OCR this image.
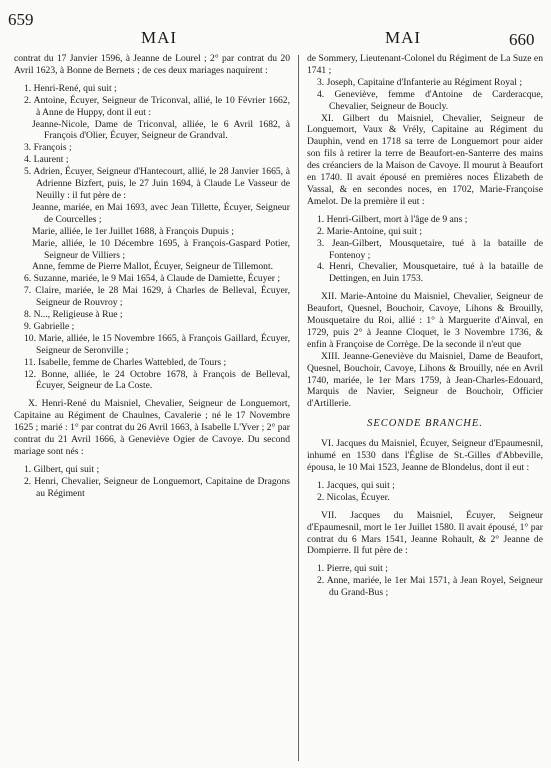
659
MAI	MAI	660

contrat du 17 Janvier 1596, à Jeanne de Lourel ; 2° par contrat du 20 Avril 1623, à Bonne de Bernets ; de ces deux mariages naquirent :

1. Henri-René, qui suit ;

2. Antoine, Écuyer, Seigneur de Triconval, allié, le 10 Février 1662, à Anne de Huppy, dont il eut :

Jeanne-Nicole, Dame de Triconval, alliée, le 6 Avril 1682, à François d'Olier, Écuyer, Seigneur de Grandval.

3. François ;

4. Laurent ;

5. Adrien, Écuyer, Seigneur d'Hantecourt, allié, le 28 Janvier 1665, à Adrienne Bizfert, puis, le 27 Juin 1694, à Claude Le Vasseur de Neuilly : il fut père de :

Jeanne, mariée, en Mai 1693, avec Jean Tillette, Écuyer, Seigneur de Courcelles ;

Marie, alliée, le 1er Juillet 1688, à François Dupuis ;

Marie, alliée, le 10 Décembre 1695, à François-Gaspard Potier, Seigneur de Villiers ;

Anne, femme de Pierre Mallot, Écuyer, Seigneur de Tillemont.

6. Suzanne, mariée, le 9 Mai 1654, à Claude de Damiette, Écuyer ;

7. Claire, mariée, le 28 Mai 1629, à Charles de Belleval, Écuyer, Seigneur de Rouvroy ;

8. N..., Religieuse à Rue ;

9. Gabrielle ;

10. Marie, alliée, le 15 Novembre 1665, à François Gaillard, Écuyer, Seigneur de Seronville ;

11. Isabelle, femme de Charles Wattebled, de Tours ;

12. Bonne, alliée, le 24 Octobre 1678, à François de Belleval, Écuyer, Seigneur de La Coste.

X. Henri-René du Maisniel, Chevalier, Seigneur de Longuemort, Capitaine au Régiment de Chaulnes, Cavalerie ; né le 17 Novembre 1625 ; marié : 1° par contrat du 26 Avril 1663, à Isabelle L'Yver ; 2° par contrat du 21 Avril 1666, à Geneviève Ogier de Cavoye. Du second mariage sont nés :

1. Gilbert, qui suit ;

2. Henri, Chevalier, Seigneur de Longuemort, Capitaine de Dragons au Régiment

de Sommery, Lieutenant-Colonel du Régiment de La Suze en 1741 ;

3. Joseph, Capitaine d'Infanterie au Régiment Royal ;

4. Geneviève, femme d'Antoine de Carderacque, Chevalier, Seigneur de Boucly.

XI. Gilbert du Maisniel, Chevalier, Seigneur de Longuemort, Vaux & Vrély, Capitaine au Régiment du Dauphin, vend en 1718 sa terre de Longuemort pour aider son fils à retirer la terre de Beaufort-en-Santerre des mains des créanciers de la Maison de Cavoye. Il mourut à Beaufort en 1740. Il avait épousé en premières noces Élizabeth de Vassal, & en secondes noces, en 1702, Marie-Françoise Amelot. De la première il eut :

1. Henri-Gilbert, mort à l'âge de 9 ans ;

2. Marie-Antoine, qui suit ;

3. Jean-Gilbert, Mousquetaire, tué à la bataille de Fontenoy ;

4. Henri, Chevalier, Mousquetaire, tué à la bataille de Dettingen, en Juin 1753.

XII. Marie-Antoine du Maisniel, Chevalier, Seigneur de Beaufort, Quesnel, Bouchoir, Cavoye, Lihons & Brouilly, Mousquetaire du Roi, allié : 1° à Marguerite d'Ainval, en 1729, puis 2° à Jeanne Cloquet, le 3 Novembre 1736, & enfin à Françoise de Corrège. De la seconde il n'eut que

XIII. Jeanne-Geneviève du Maisniel, Dame de Beaufort, Quesnel, Bouchoir, Cavoye, Lihons & Brouilly, née en Avril 1740, mariée, le 1er Mars 1759, à Jean-Charles-Edouard, Marquis de Navier, Seigneur de Bouchoir, Officier d'Artillerie.

SECONDE BRANCHE.

VI. Jacques du Maisniel, Écuyer, Seigneur d'Epaumesnil, inhumé en 1530 dans l'Église de St.-Gilles d'Abbeville, épousa, le 10 Mai 1523, Jeanne de Blondelus, dont il eut :

1. Jacques, qui suit ;

2. Nicolas, Écuyer.

VII. Jacques du Maisniel, Écuyer, Seigneur d'Epaumesnil, mort le 1er Juillet 1580. Il avait épousé, 1° par contrat du 6 Mars 1541, Jeanne Rohault, & 2° Jeanne de Dompierre. Il fut père de :

1. Pierre, qui suit ;

2. Anne, mariée, le 1er Mai 1571, à Jean Royel, Seigneur du Grand-Bus ;
